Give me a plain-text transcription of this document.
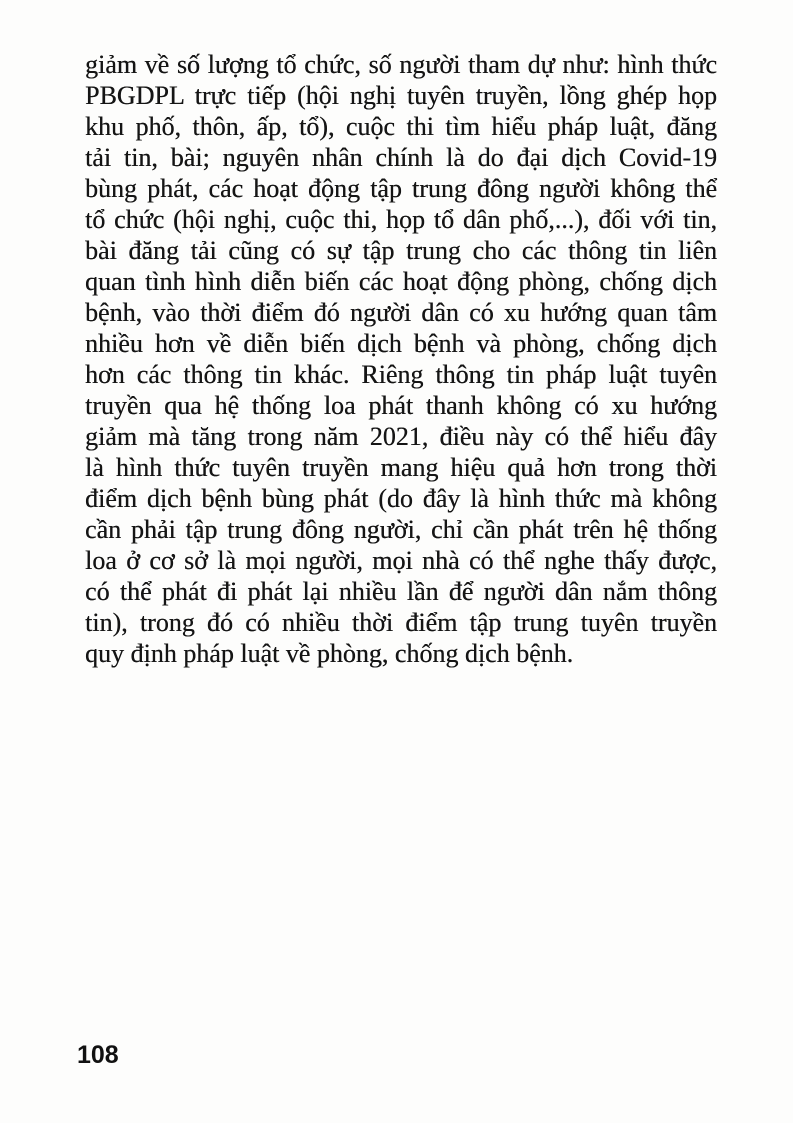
giảm về số lượng tổ chức, số người tham dự như: hình thức
PBGDPL trực tiếp (hội nghị tuyên truyền, lồng ghép họp
khu phố, thôn, ấp, tổ), cuộc thi tìm hiểu pháp luật, đăng
tải tin, bài; nguyên nhân chính là do đại dịch Covid-19
bùng phát, các hoạt động tập trung đông người không thể
tổ chức (hội nghị, cuộc thi, họp tổ dân phố,...), đối với tin,
bài đăng tải cũng có sự tập trung cho các thông tin liên
quan tình hình diễn biến các hoạt động phòng, chống dịch
bệnh, vào thời điểm đó người dân có xu hướng quan tâm
nhiều hơn về diễn biến dịch bệnh và phòng, chống dịch
hơn các thông tin khác. Riêng thông tin pháp luật tuyên
truyền qua hệ thống loa phát thanh không có xu hướng
giảm mà tăng trong năm 2021, điều này có thể hiểu đây
là hình thức tuyên truyền mang hiệu quả hơn trong thời
điểm dịch bệnh bùng phát (do đây là hình thức mà không
cần phải tập trung đông người, chỉ cần phát trên hệ thống
loa ở cơ sở là mọi người, mọi nhà có thể nghe thấy được,
có thể phát đi phát lại nhiều lần để người dân nắm thông
tin), trong đó có nhiều thời điểm tập trung tuyên truyền
quy định pháp luật về phòng, chống dịch bệnh.
108
